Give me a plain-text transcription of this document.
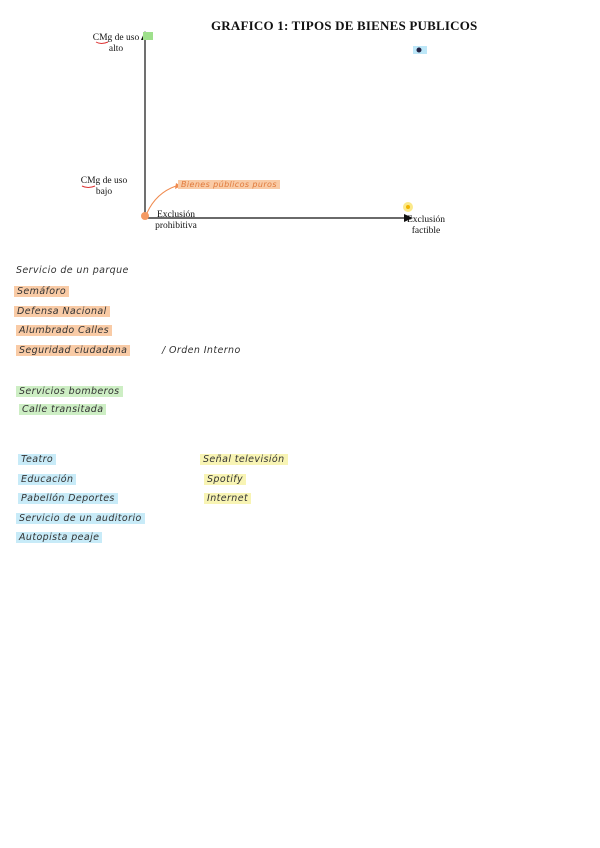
GRAFICO 1: TIPOS DE BIENES PUBLICOS
CMg de uso alto
CMg de uso bajo
Exclusión prohibitiva
Exclusión factible
Bienes públicos puros
Servicio de un parque
Semáforo
Defensa Nacional
Alumbrado Calles
Seguridad ciudadana	/ Orden Interno
Servicios bomberos
Calle transitada
Teatro
Educación
Pabellón Deportes
Servicio de un auditorio
Autopista peaje
Señal televisión
Spotify
Internet
